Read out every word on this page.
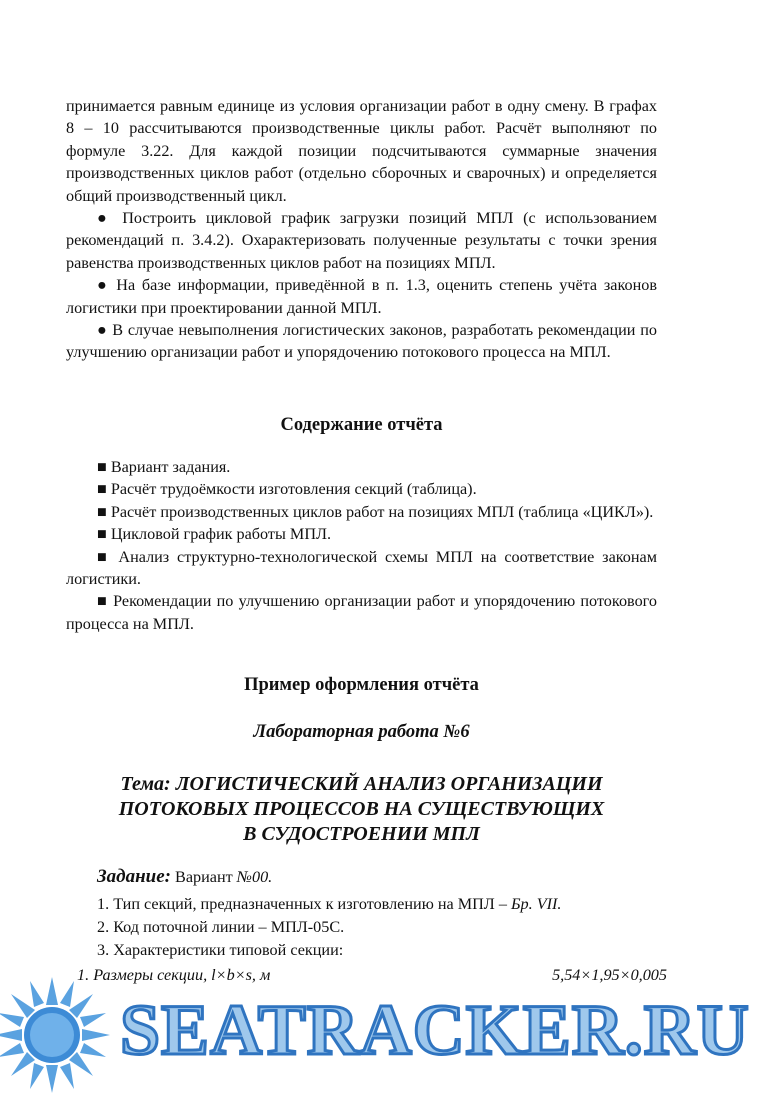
принимается равным единице из условия организации работ в одну смену. В графах 8 – 10 рассчитываются производственные циклы работ. Расчёт выполняют по формуле 3.22. Для каждой позиции подсчитываются суммарные значения производственных циклов работ (отдельно сборочных и сварочных) и определяется общий производственный цикл.

● Построить цикловой график загрузки позиций МПЛ (с использованием рекомендаций п. 3.4.2). Охарактеризовать полученные результаты с точки зрения равенства производственных циклов работ на позициях МПЛ.

● На базе информации, приведённой в п. 1.3, оценить степень учёта законов логистики при проектировании данной МПЛ.

● В случае невыполнения логистических законов, разработать рекомендации по улучшению организации работ и упорядочению потокового процесса на МПЛ.

Содержание отчёта

■ Вариант задания.

■ Расчёт трудоёмкости изготовления секций (таблица).

■ Расчёт производственных циклов работ на позициях МПЛ (таблица «ЦИКЛ»).

■ Цикловой график работы МПЛ.

■ Анализ структурно-технологической схемы МПЛ на соответствие законам логистики.

■ Рекомендации по улучшению организации работ и упорядочению потокового процесса на МПЛ.

Пример оформления отчёта
Лабораторная работа №6
Тема: ЛОГИСТИЧЕСКИЙ АНАЛИЗ ОРГАНИЗАЦИИ
ПОТОКОВЫХ ПРОЦЕССОВ НА СУЩЕСТВУЮЩИХ
В СУДОСТРОЕНИИ МПЛ
Задание: Вариант №00.
1. Тип секций, предназначенных к изготовлению на МПЛ – Бр. VII.
2. Код поточной линии – МПЛ-05С.
3. Характеристики типовой секции:
1. Размеры секции, l×b×s, м	5,54×1,95×0,005
SEATRACKER.RU
